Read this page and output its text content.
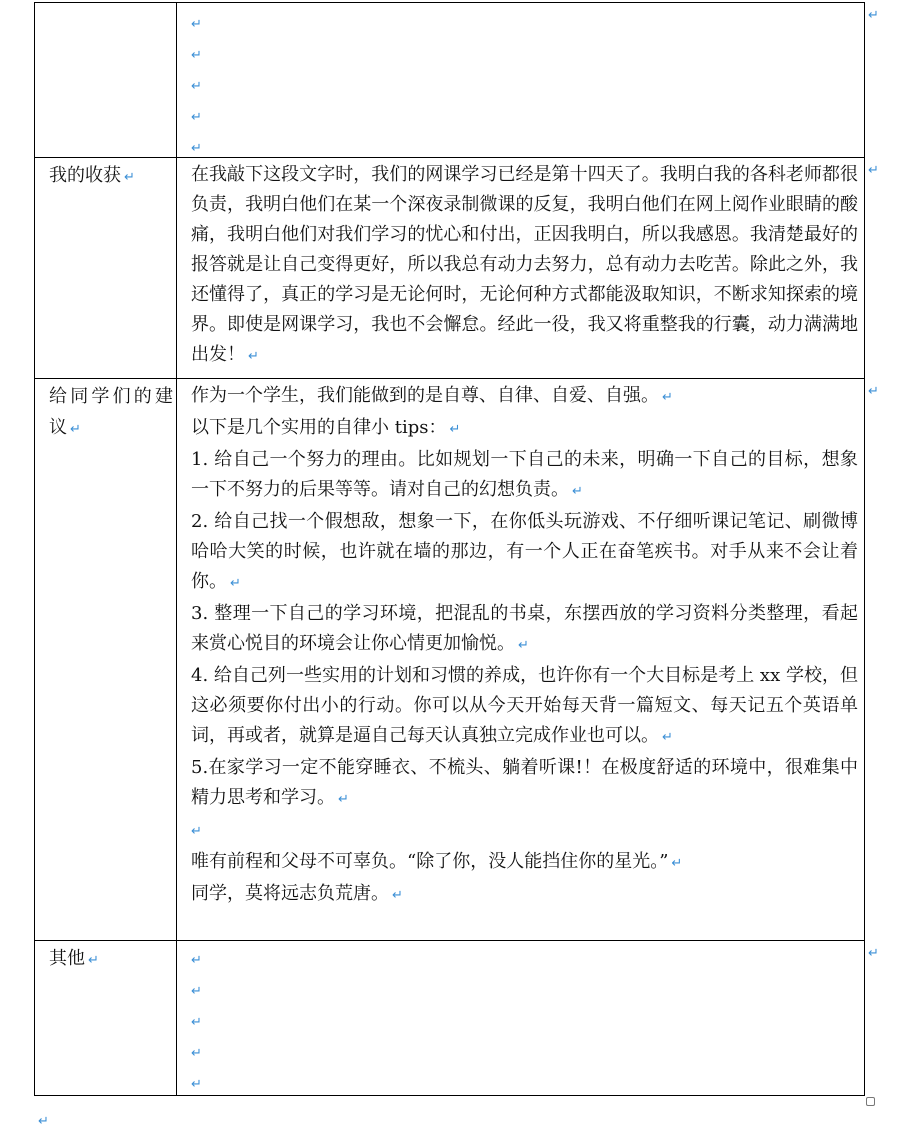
↵
↵
↵
↵
↵
我的收获 ↵	在我敲下这段文字时，我们的网课学习已经是第十四天了。我明白我的各科老师都很负责，我明白他们在某一个深夜录制微课的反复，我明白他们在网上阅作业眼睛的酸痛，我明白他们对我们学习的忧心和付出，正因我明白，所以我感恩。我清楚最好的报答就是让自己变得更好，所以我总有动力去努力，总有动力去吃苦。除此之外，我还懂得了，真正的学习是无论何时，无论何种方式都能汲取知识，不断求知探索的境界。即使是网课学习，我也不会懈怠。经此一役，我又将重整我的行囊，动力满满地出发！ ↵

给同学们的建议 ↵

作为一个学生，我们能做到的是自尊、自律、自爱、自强。 ↵

以下是几个实用的自律小 tips： ↵

1. 给自己一个努力的理由。比如规划一下自己的未来，明确一下自己的目标，想象一下不努力的后果等等。请对自己的幻想负责。 ↵

2. 给自己找一个假想敌，想象一下，在你低头玩游戏、不仔细听课记笔记、刷微博哈哈大笑的时候，也许就在墙的那边，有一个人正在奋笔疾书。对手从来不会让着你。 ↵

3. 整理一下自己的学习环境，把混乱的书桌，东摆西放的学习资料分类整理，看起来赏心悦目的环境会让你心情更加愉悦。 ↵

4. 给自己列一些实用的计划和习惯的养成，也许你有一个大目标是考上 xx 学校，但这必须要你付出小的行动。你可以从今天开始每天背一篇短文、每天记五个英语单词，再或者，就算是逼自己每天认真独立完成作业也可以。 ↵

5.在家学习一定不能穿睡衣、不梳头、躺着听课!！在极度舒适的环境中，很难集中精力思考和学习。 ↵

↵

唯有前程和父母不可辜负。“除了你，没人能挡住你的星光。” ↵

同学，莫将远志负荒唐。 ↵

其他 ↵	↵
↵
↵
↵
↵
↵
↵
↵
↵
↵
